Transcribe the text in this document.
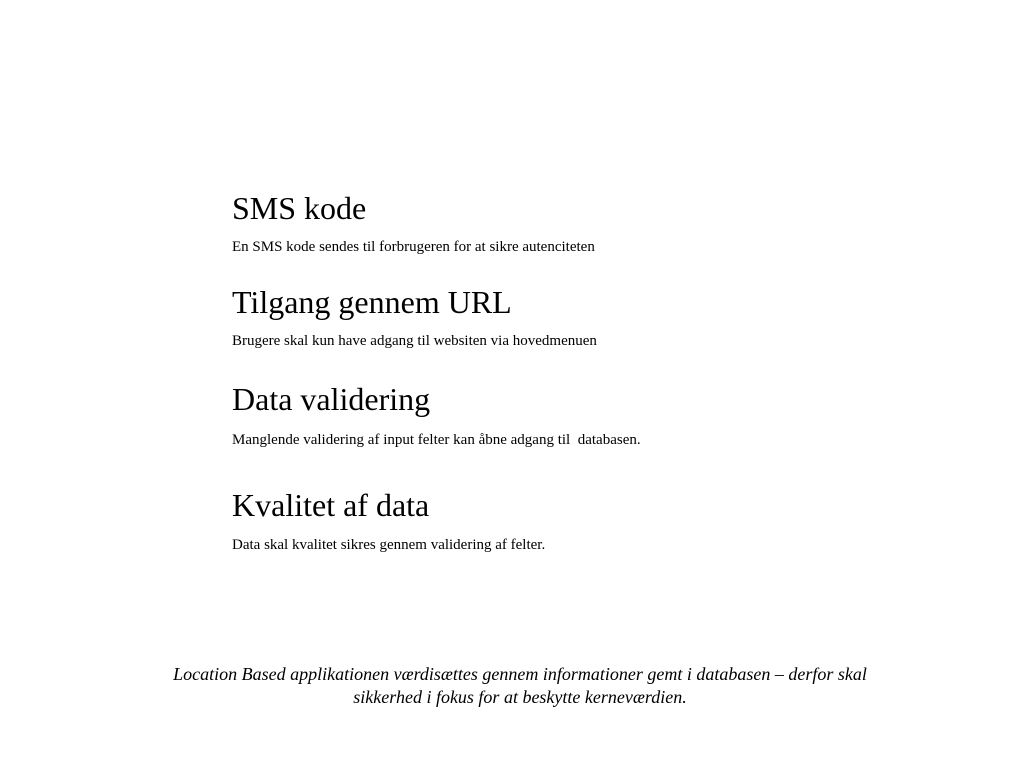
SMS kode

En SMS kode sendes til forbrugeren for at sikre autenciteten

Tilgang gennem URL

Brugere skal kun have adgang til websiten via hovedmenuen

Data validering

Manglende validering af input felter kan åbne adgang til  databasen.

Kvalitet af data

Data skal kvalitet sikres gennem validering af felter.

Location Based applikationen værdisættes gennem informationer gemt i databasen – derfor skal
sikkerhed i fokus for at beskytte kerneværdien.
